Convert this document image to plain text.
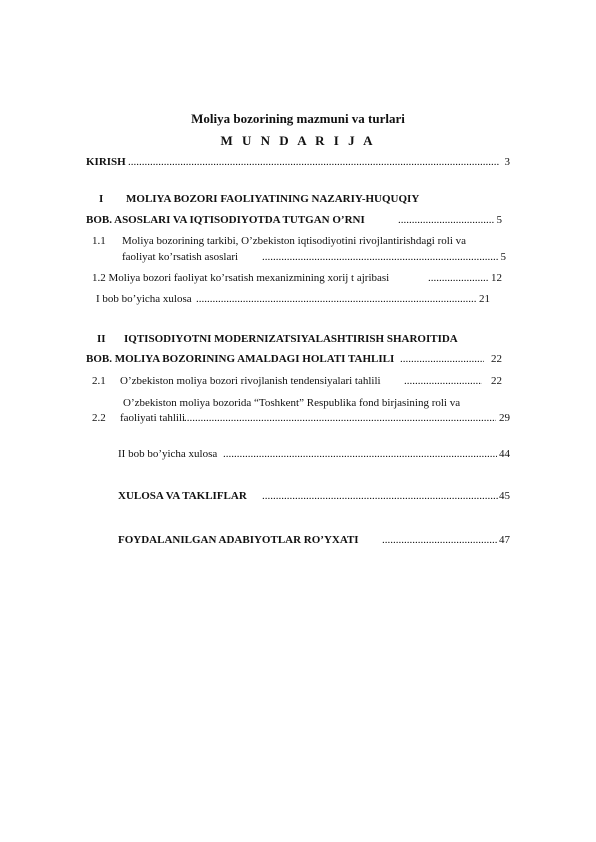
Moliya bozorining mazmuni va turlari
M U N D A R I J A
KIRISH .....	3
I MOLIYA BOZORI FAOLIYATINING NAZARIY-HUQUQIY
BOB. ASOSLARI VA IQTISODIYOTDA TUTGAN O’RNI .....	5
1.1 Moliya bozorining tarkibi, O’zbekiston iqtisodiyotini rivojlantirishdagi roli va
faoliyat ko’rsatish asoslari .....	5
1.2 Moliya bozori faoliyat ko’rsatish mexanizmining xorij t ajribasi .....	12
I bob bo’yicha xulosa .....	21
II IQTISODIYOTNI MODERNIZATSIYALASHTIRISH SHAROITIDA
BOB. MOLIYA BOZORINING AMALDAGI HOLATI TAHLILI .....	22
2.1 O’zbekiston moliya bozori rivojlanish tendensiyalari tahlili .....	22
O’zbekiston moliya bozorida “Toshkent” Respublika fond birjasining roli va
2.2 faoliyati tahlili .....	29
II bob bo’yicha xulosa .....	44
XULOSA VA TAKLIFLAR .....	45
FOYDALANILGAN ADABIYOTLAR RO’YXATI .....	47
